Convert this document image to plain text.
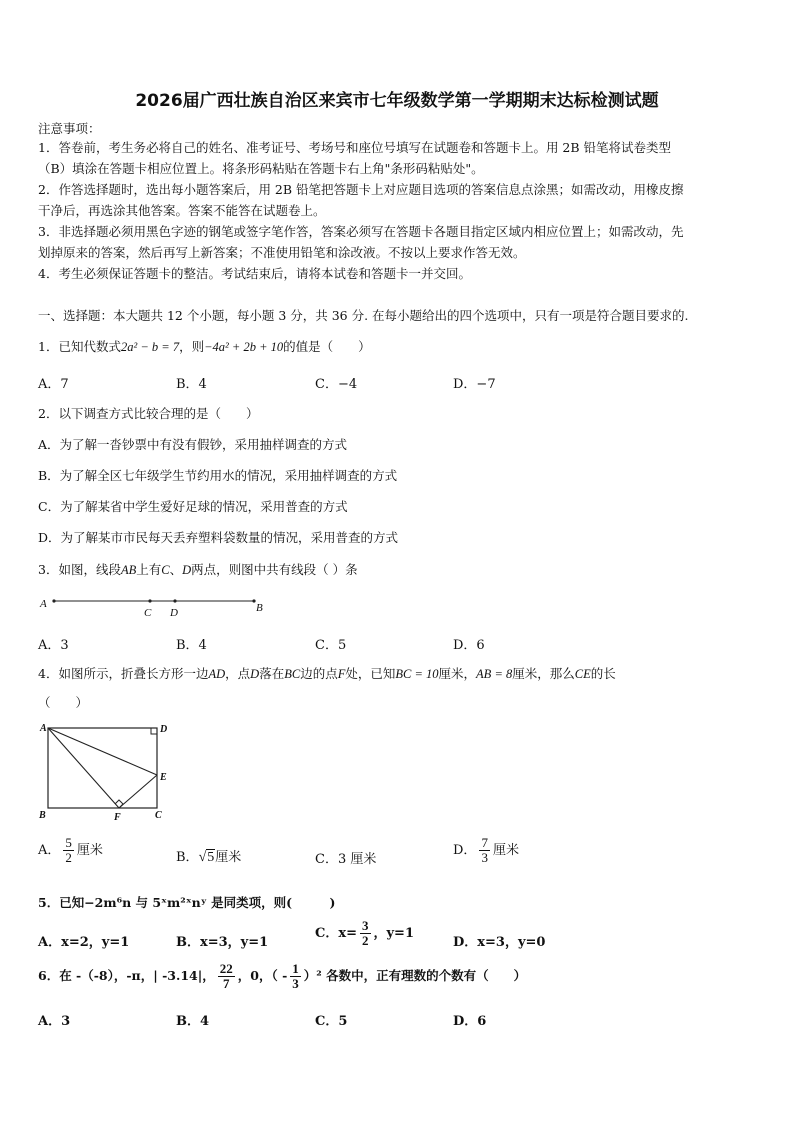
2026届广西壮族自治区来宾市七年级数学第一学期期末达标检测试题
注意事项：
1．答卷前，考生务必将自己的姓名、准考证号、考场号和座位号填写在试题卷和答题卡上。用 2B 铅笔将试卷类型
（B）填涂在答题卡相应位置上。将条形码粘贴在答题卡右上角"条形码粘贴处"。
2．作答选择题时，选出每小题答案后，用 2B 铅笔把答题卡上对应题目选项的答案信息点涂黑；如需改动，用橡皮擦
干净后，再选涂其他答案。答案不能答在试题卷上。
3．非选择题必须用黑色字迹的钢笔或签字笔作答，答案必须写在答题卡各题目指定区域内相应位置上；如需改动，先
划掉原来的答案，然后再写上新答案；不准使用铅笔和涂改液。不按以上要求作答无效。
4．考生必须保证答题卡的整洁。考试结束后，请将本试卷和答题卡一并交回。
一、选择题：本大题共 12 个小题，每小题 3 分，共 36 分. 在每小题给出的四个选项中，只有一项是符合题目要求的.
1．已知代数式2a² − b = 7，则−4a² + 2b + 10的值是（　　）
A．7	B．4	C．−4	D．−7
2．以下调查方式比较合理的是（　　）
A．为了解一沓钞票中有没有假钞，采用抽样调查的方式
B．为了解全区七年级学生节约用水的情况，采用抽样调查的方式
C．为了解某省中学生爱好足球的情况，采用普查的方式
D．为了解某市市民每天丢弃塑料袋数量的情况，采用普查的方式
3．如图，线段AB上有C、D两点，则图中共有线段（ ）条
A
C D	B
A．3	B．4	C．5	D．6
4．如图所示，折叠长方形一边AD，点D落在BC边的点F处，已知BC = 10厘米，AB = 8厘米，那么CE的长
（　　）
A	D
E
B	F	C
A． $\frac{5}{2}$ 厘米	B．√5厘米	C．3 厘米
D． $\frac{7}{3}$ 厘米
5．已知−2m⁶n 与 5ˣm²ˣnʸ 是同类项，则(　　　)
A．x=2，y=1	B．x=3，y=1
C．$x= \frac{3}{2}$ ，y=1
D．x=3，y=0
6．在 -（-8），-π，| -3.14|， $\frac{22}{7}$ ，0，（ - $\frac{1}{3} )^2$ 各数中，正有理数的个数有（　　）
A．3	B．4	C．5	D．6
